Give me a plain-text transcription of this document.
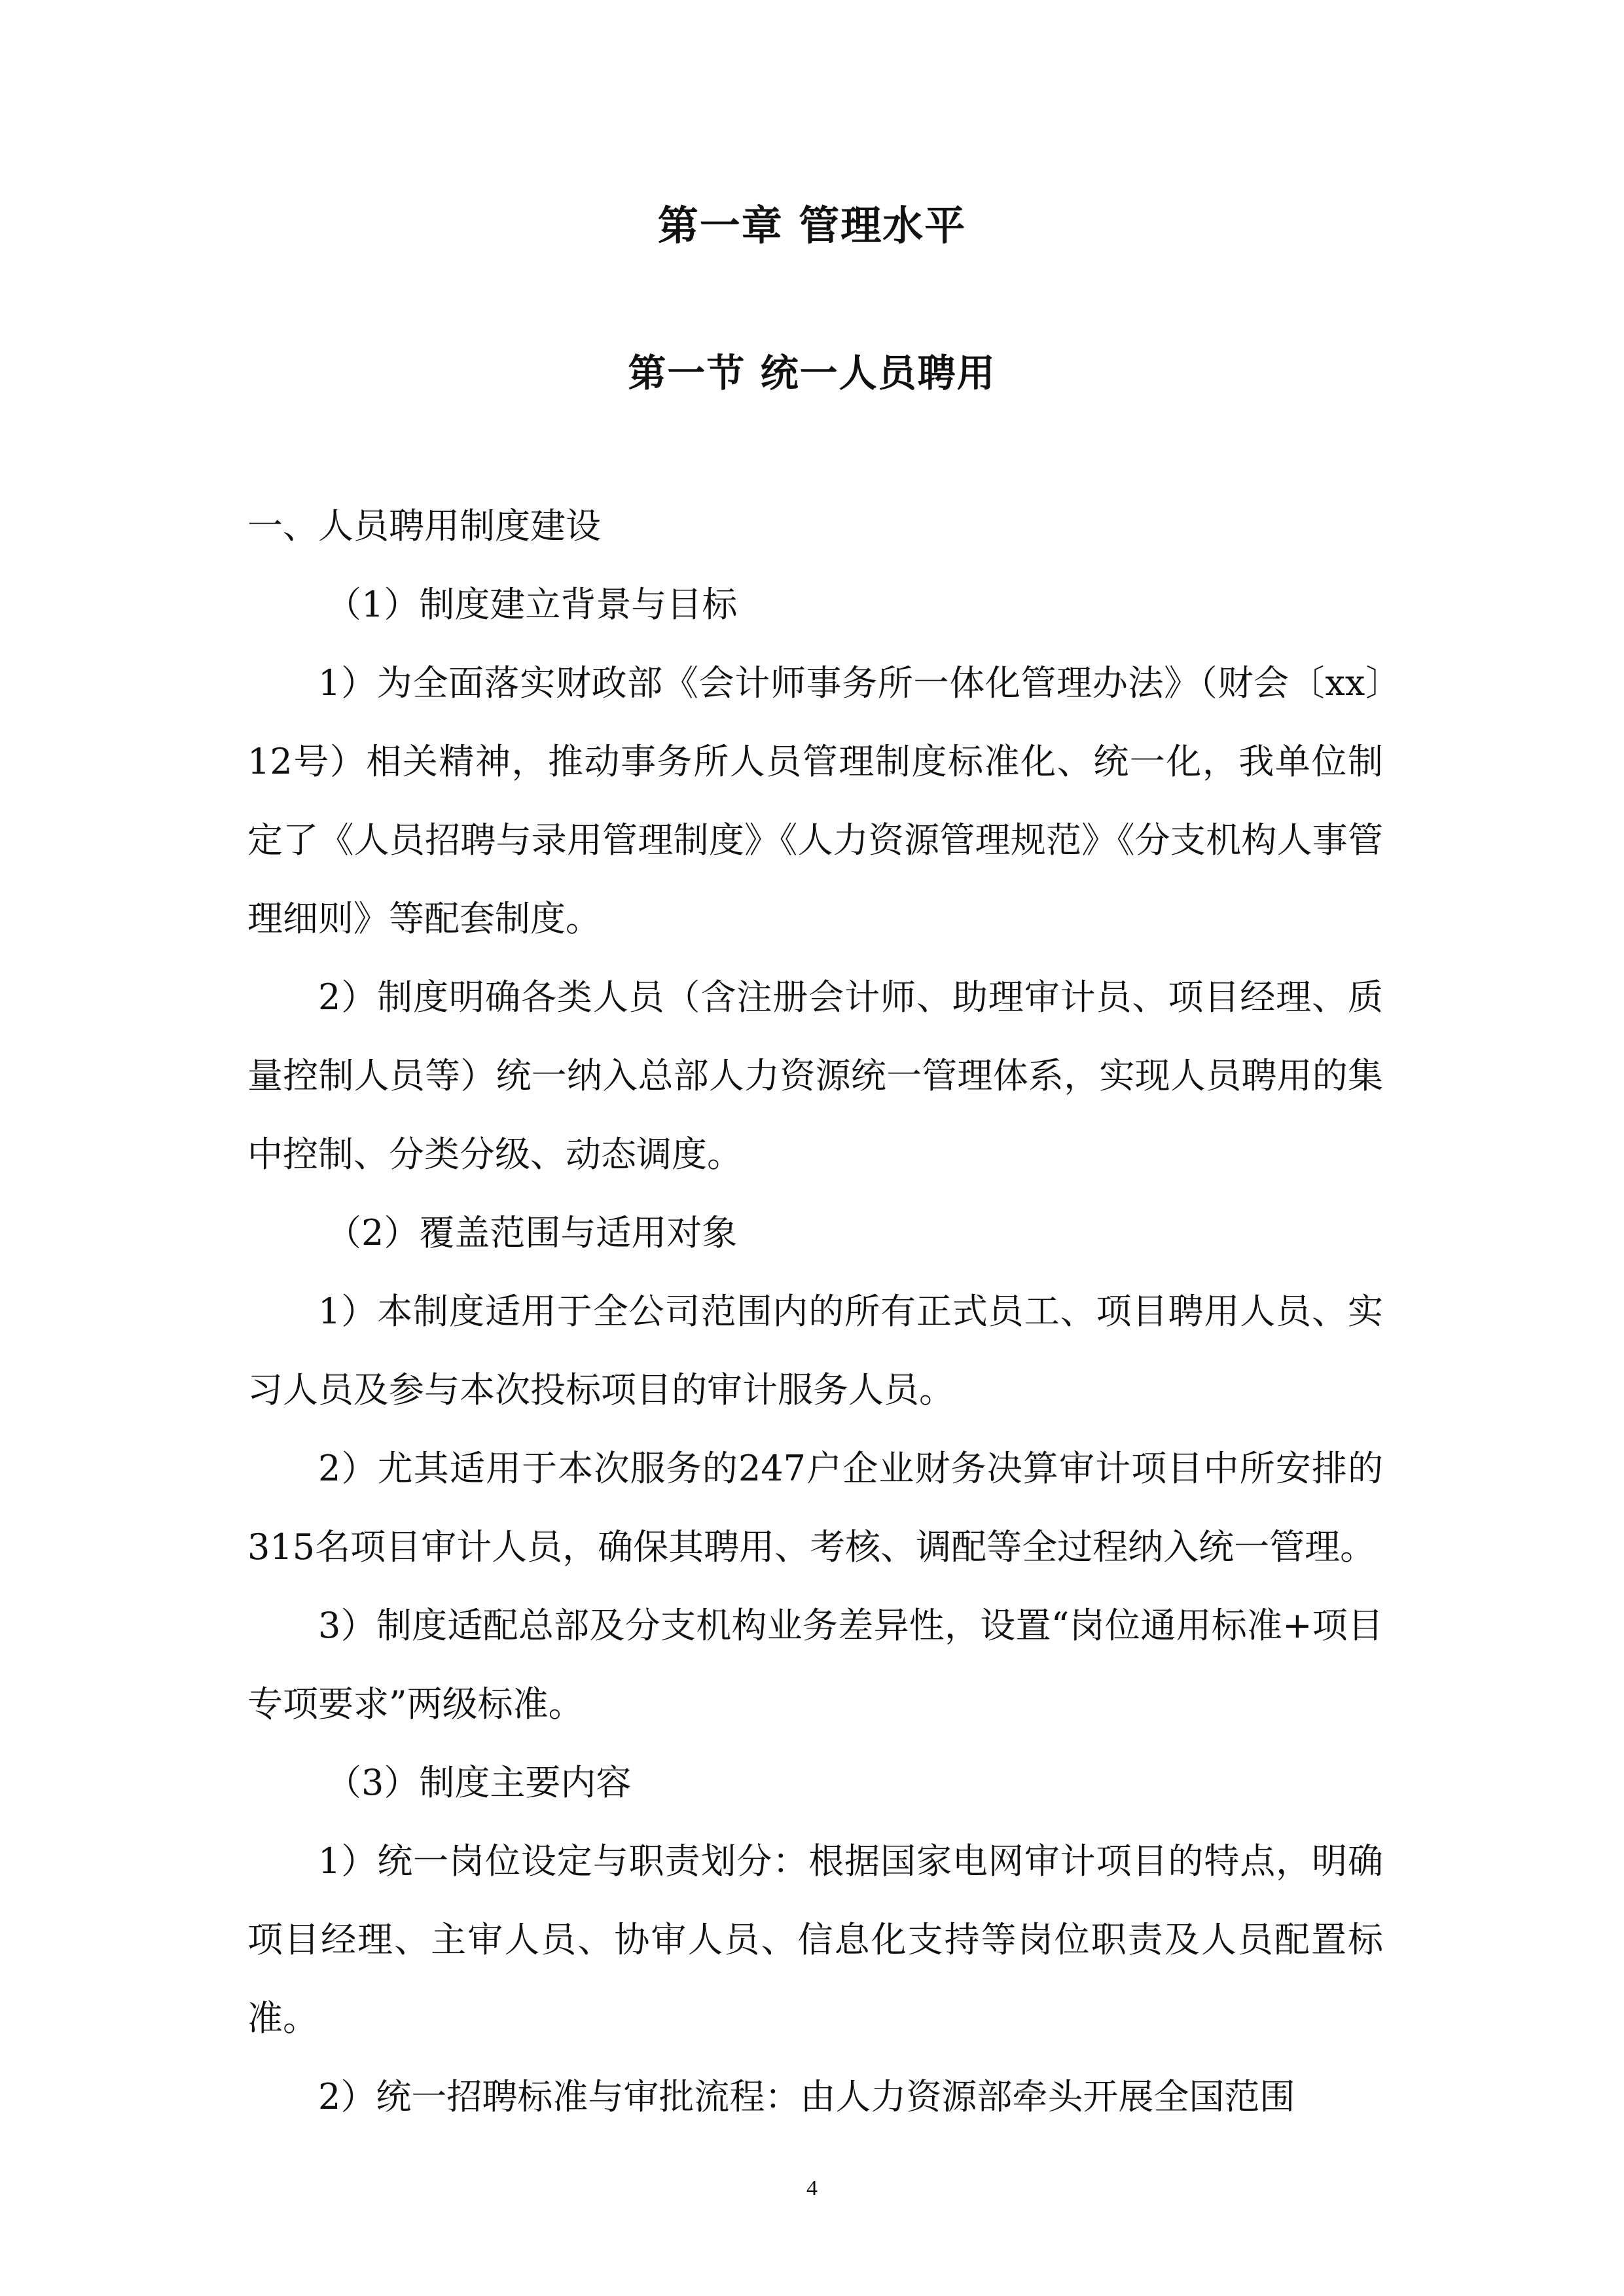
第一章 管理水平
第一节 统一人员聘用

一、人员聘用制度建设

（1）制度建立背景与目标

1）为全面落实财政部《会计师事务所一体化管理办法》（财会〔xx〕12号）相关精神，推动事务所人员管理制度标准化、统一化，我单位制定了《人员招聘与录用管理制度》《人力资源管理规范》《分支机构人事管理细则》等配套制度。

2）制度明确各类人员（含注册会计师、助理审计员、项目经理、质量控制人员等）统一纳入总部人力资源统一管理体系，实现人员聘用的集中控制、分类分级、动态调度。

（2）覆盖范围与适用对象

1）本制度适用于全公司范围内的所有正式员工、项目聘用人员、实习人员及参与本次投标项目的审计服务人员。

2）尤其适用于本次服务的247户企业财务决算审计项目中所安排的315名项目审计人员，确保其聘用、考核、调配等全过程纳入统一管理。

3）制度适配总部及分支机构业务差异性，设置“岗位通用标准+项目专项要求”两级标准。

（3）制度主要内容

1）统一岗位设定与职责划分：根据国家电网审计项目的特点，明确项目经理、主审人员、协审人员、信息化支持等岗位职责及人员配置标准。

2）统一招聘标准与审批流程：由人力资源部牵头开展全国范围

4
